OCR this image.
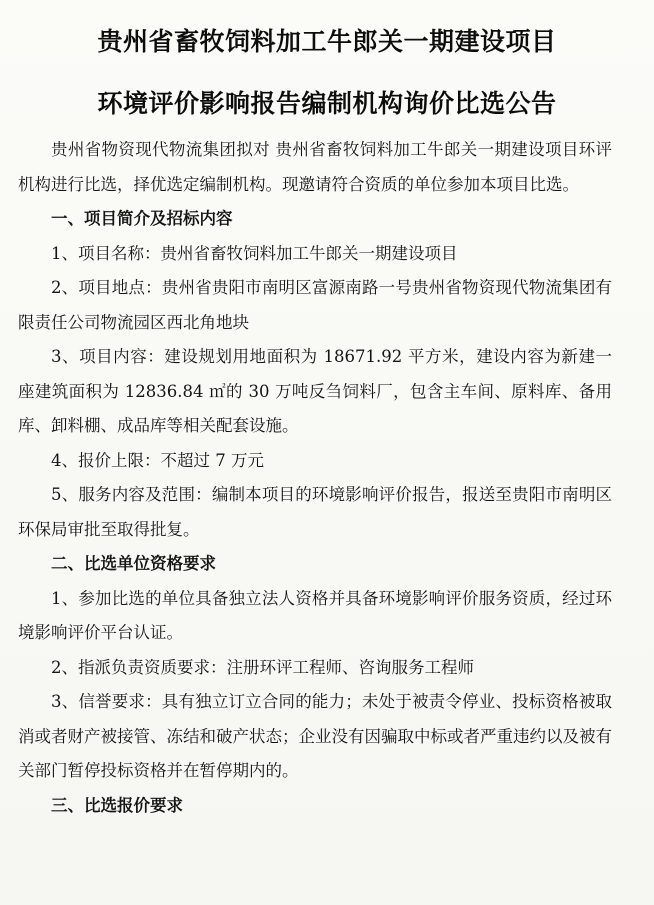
贵州省畜牧饲料加工牛郎关一期建设项目
环境评价影响报告编制机构询价比选公告

贵州省物资现代物流集团拟对 贵州省畜牧饲料加工牛郎关一期建设项目环评机构进行比选，择优选定编制机构。现邀请符合资质的单位参加本项目比选。

一、项目简介及招标内容

1、项目名称：贵州省畜牧饲料加工牛郎关一期建设项目

2、项目地点：贵州省贵阳市南明区富源南路一号贵州省物资现代物流集团有限责任公司物流园区西北角地块

3、项目内容：建设规划用地面积为 18671.92 平方米，建设内容为新建一座建筑面积为 12836.84 ㎡的 30 万吨反刍饲料厂，包含主车间、原料库、备用库、卸料棚、成品库等相关配套设施。

4、报价上限：不超过 7 万元

5、服务内容及范围：编制本项目的环境影响评价报告，报送至贵阳市南明区环保局审批至取得批复。

二、比选单位资格要求

1、参加比选的单位具备独立法人资格并具备环境影响评价服务资质，经过环境影响评价平台认证。

2、指派负责资质要求：注册环评工程师、咨询服务工程师

3、信誉要求：具有独立订立合同的能力；未处于被责令停业、投标资格被取消或者财产被接管、冻结和破产状态；企业没有因骗取中标或者严重违约以及被有关部门暂停投标资格并在暂停期内的。

三、比选报价要求
